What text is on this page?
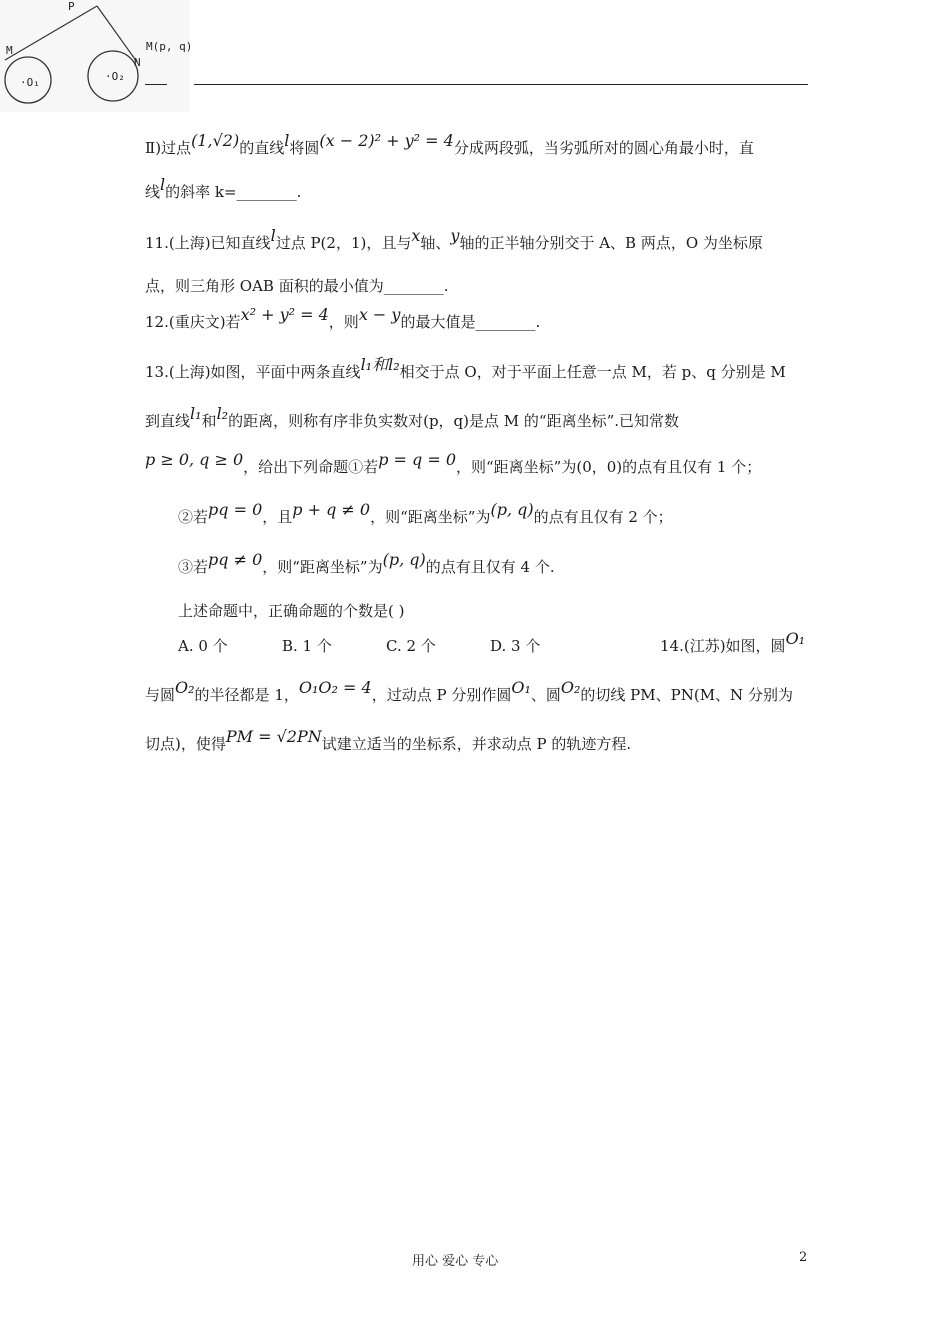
P
M
N
·O₁	·O₂
M(p, q)
Ⅱ)过点(1,√2)的直线l将圆(x − 2)² + y² = 4分成两段弧，当劣弧所对的圆心角最小时，直
线l的斜率 k=________.
11.(上海)已知直线l过点 P(2，1)，且与x轴、y轴的正半轴分别交于 A、B 两点，O 为坐标原
点，则三角形 OAB 面积的最小值为________.
12.(重庆文)若x² + y² = 4，则x − y的最大值是________.
13.(上海)如图，平面中两条直线l₁和l₂相交于点 O，对于平面上任意一点 M，若 p、q 分别是 M
到直线l₁和l₂的距离，则称有序非负实数对(p，q)是点 M 的“距离坐标”.已知常数
p ≥ 0, q ≥ 0，给出下列命题①若p = q = 0，则“距离坐标”为(0，0)的点有且仅有 1 个；
②若pq = 0，且p + q ≠ 0，则“距离坐标”为(p, q)的点有且仅有 2 个；
③若pq ≠ 0，则“距离坐标”为(p, q)的点有且仅有 4 个.
上述命题中，正确命题的个数是( )
A. 0 个	B. 1 个	C. 2 个	D. 3 个	14.(江苏)如图，圆O₁
与圆O₂的半径都是 1，O₁O₂ = 4，过动点 P 分别作圆O₁、圆O₂的切线 PM、PN(M、N 分别为
切点)，使得PM = √2PN试建立适当的坐标系，并求动点 P 的轨迹方程.
用心 爱心 专心	2
